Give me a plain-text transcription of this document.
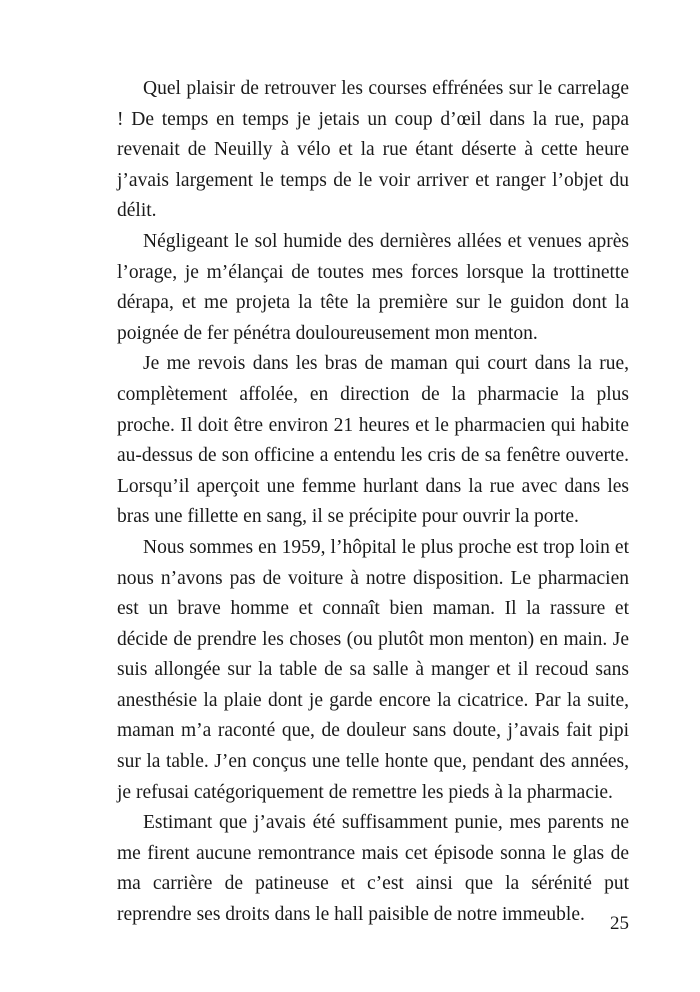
Quel plaisir de retrouver les courses effrénées sur le carrelage ! De temps en temps je jetais un coup d’œil dans la rue, papa revenait de Neuilly à vélo et la rue étant déserte à cette heure j’avais largement le temps de le voir arriver et ranger l’objet du délit.

Négligeant le sol humide des dernières allées et venues après l’orage, je m’élançai de toutes mes forces lorsque la trottinette dérapa, et me projeta la tête la première sur le guidon dont la poignée de fer pénétra douloureusement mon menton.

Je me revois dans les bras de maman qui court dans la rue, complètement affolée, en direction de la pharmacie la plus proche. Il doit être environ 21 heures et le pharmacien qui habite au-dessus de son officine a entendu les cris de sa fenêtre ouverte. Lorsqu’il aperçoit une femme hurlant dans la rue avec dans les bras une fillette en sang, il se précipite pour ouvrir la porte.

Nous sommes en 1959, l’hôpital le plus proche est trop loin et nous n’avons pas de voiture à notre disposition. Le pharmacien est un brave homme et connaît bien maman. Il la rassure et décide de prendre les choses (ou plutôt mon menton) en main. Je suis allongée sur la table de sa salle à manger et il recoud sans anesthésie la plaie dont je garde encore la cicatrice. Par la suite, maman m’a raconté que, de douleur sans doute, j’avais fait pipi sur la table. J’en conçus une telle honte que, pendant des années, je refusai catégoriquement de remettre les pieds à la pharmacie.

Estimant que j’avais été suffisamment punie, mes parents ne me firent aucune remontrance mais cet épisode sonna le glas de ma carrière de patineuse et c’est ainsi que la sérénité put reprendre ses droits dans le hall paisible de notre immeuble.	25
